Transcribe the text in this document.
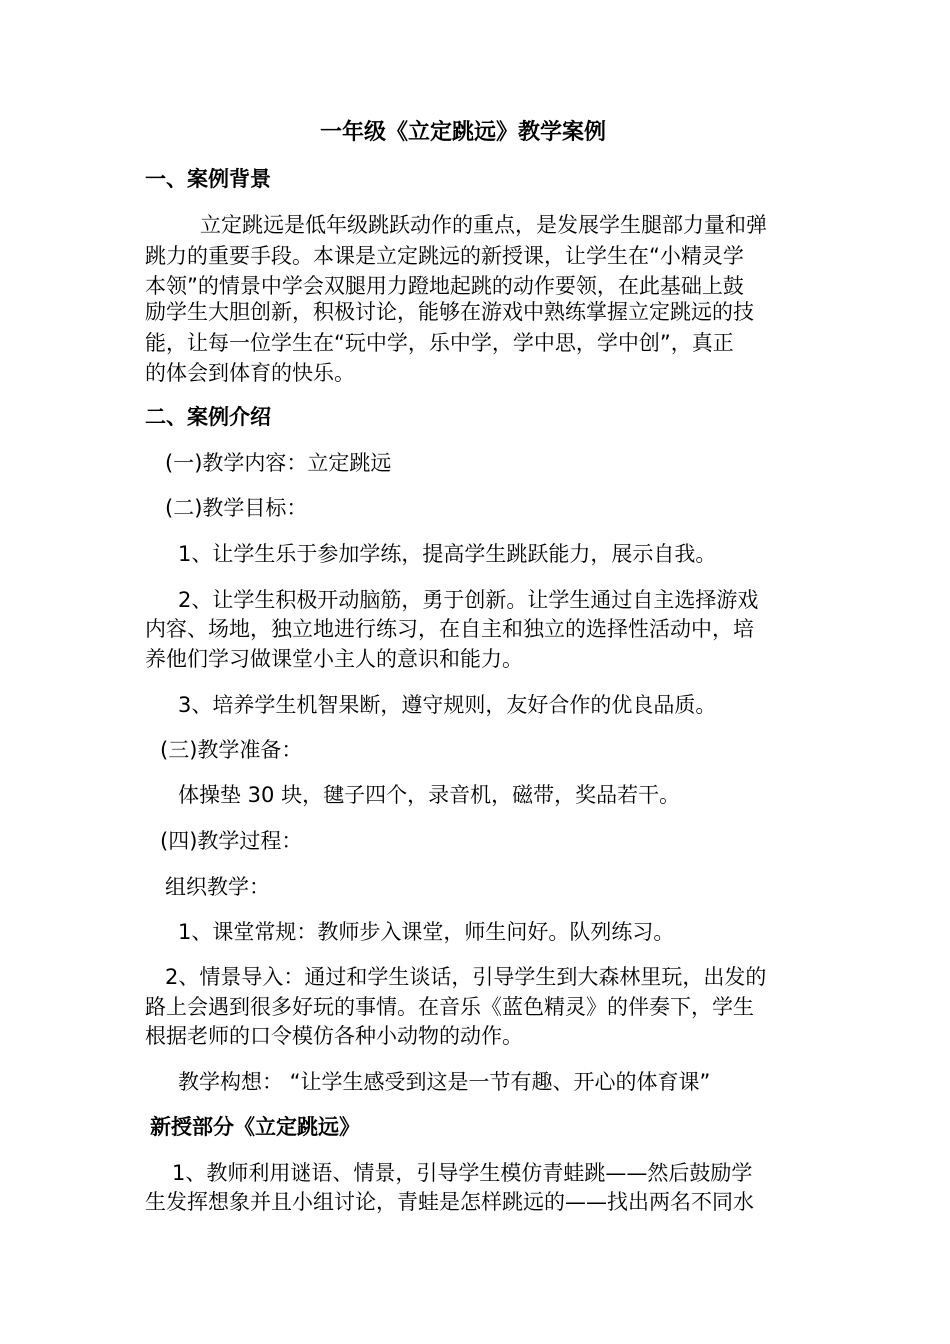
一年级《立定跳远》教学案例
一、案例背景
立定跳远是低年级跳跃动作的重点，是发展学生腿部力量和弹
跳力的重要手段。本课是立定跳远的新授课，让学生在“小精灵学
本领”的情景中学会双腿用力蹬地起跳的动作要领，在此基础上鼓
励学生大胆创新，积极讨论，能够在游戏中熟练掌握立定跳远的技
能，让每一位学生在“玩中学，乐中学，学中思，学中创”，真正
的体会到体育的快乐。
二、案例介绍
(一)教学内容：立定跳远
(二)教学目标：
1、让学生乐于参加学练，提高学生跳跃能力，展示自我。
2、让学生积极开动脑筋，勇于创新。让学生通过自主选择游戏
内容、场地，独立地进行练习，在自主和独立的选择性活动中，培
养他们学习做课堂小主人的意识和能力。
3、培养学生机智果断，遵守规则，友好合作的优良品质。
(三)教学准备：
体操垫 30 块，毽子四个，录音机，磁带，奖品若干。
(四)教学过程：
组织教学：
1、课堂常规：教师步入课堂，师生问好。队列练习。
2、情景导入：通过和学生谈话，引导学生到大森林里玩，出发的
路上会遇到很多好玩的事情。在音乐《蓝色精灵》的伴奏下，学生
根据老师的口令模仿各种小动物的动作。
教学构想： “让学生感受到这是一节有趣、开心的体育课”
新授部分《立定跳远》
1、教师利用谜语、情景，引导学生模仿青蛙跳——然后鼓励学
生发挥想象并且小组讨论，青蛙是怎样跳远的——找出两名不同水
